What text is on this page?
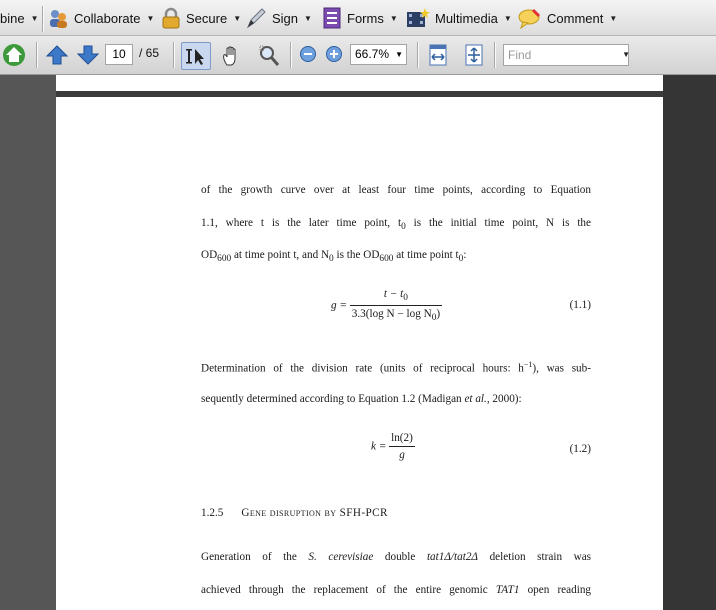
bine ▼	Collaborate ▼ Secure ▼ Sign ▼	Forms ▼	Multimedia ▼	Comment ▼
10	/ 65	66.7% ▼	Find	▼
of the growth curve over at least four time points, according to Equation
1.1, where t is the later time point, $t_0$ is the initial time point, N is the
$OD_{600}$ at time point t, and $N_0$ is the $OD_{600}$ at time point $t_0$:
$g = \frac{t - t_0}{3.3(\log N - \log N_0)}$	(1.1)
Determination of the division rate (units of reciprocal hours: $h^{-1}$), was sub-
sequently determined according to Equation 1.2 (Madigan et al., 2000):
$k = \frac{\ln(2)}{g}$	(1.2)
1.2.5 Gene disruption by SFH-PCR
Generation of the S. cerevisiae double tat1Δ/tat2Δ deletion strain was
achieved through the replacement of the entire genomic TAT1 open reading
